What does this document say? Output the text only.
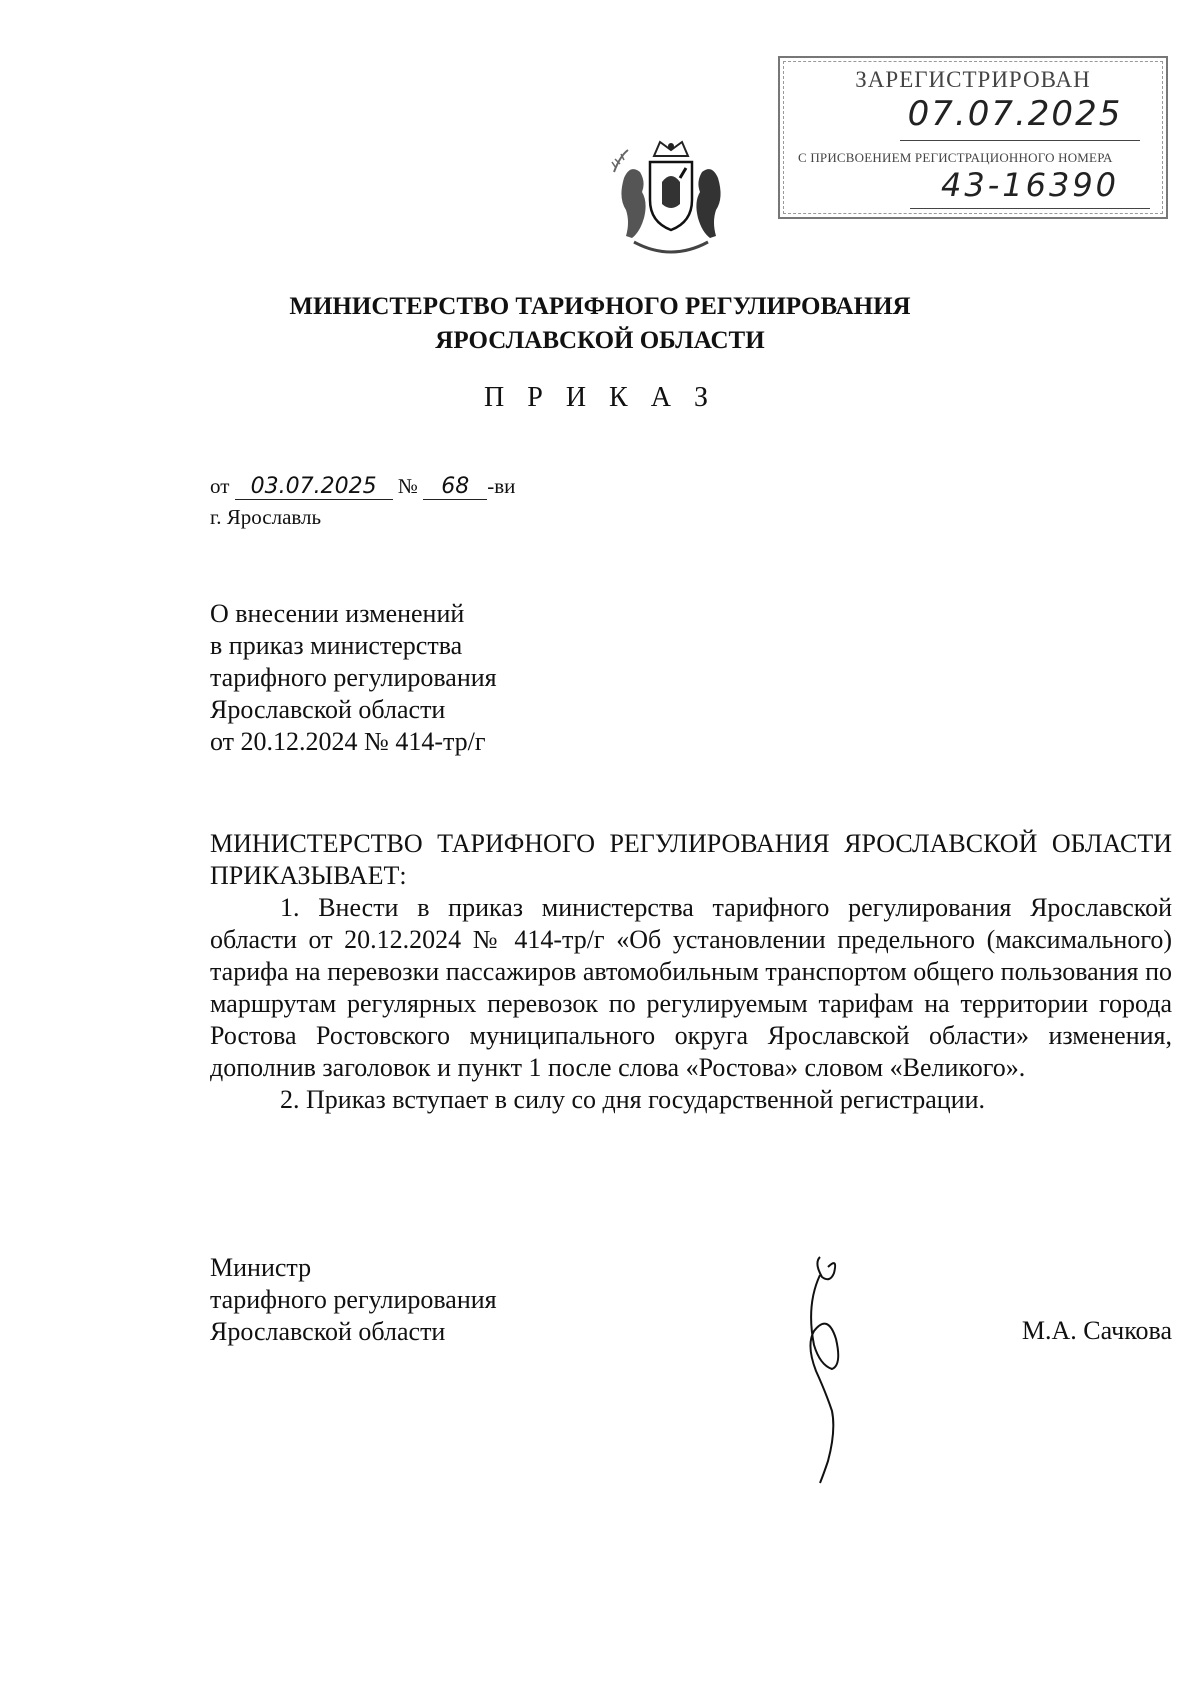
ЗАРЕГИСТРИРОВАН
07.07.2025
С ПРИСВОЕНИЕМ РЕГИСТРАЦИОННОГО НОМЕРА
43-16390
МИНИСТЕРСТВО ТАРИФНОГО РЕГУЛИРОВАНИЯ
ЯРОСЛАВСКОЙ ОБЛАСТИ
П Р И К А З
от 03.07.2025 № 68 -ви
г. Ярославль
О внесении изменений
в приказ министерства
тарифного регулирования
Ярославской области
от 20.12.2024 № 414-тр/г

МИНИСТЕРСТВО ТАРИФНОГО РЕГУЛИРОВАНИЯ ЯРОСЛАВСКОЙ ОБЛАСТИ ПРИКАЗЫВАЕТ:

1. Внести в приказ министерства тарифного регулирования Ярославской области от 20.12.2024 № 414-тр/г «Об установлении предельного (максимального) тарифа на перевозки пассажиров автомобильным транспортом общего пользования по маршрутам регулярных перевозок по регулируемым тарифам на территории города Ростова Ростовского муниципального округа Ярославской области» изменения, дополнив заголовок и пункт 1 после слова «Ростова» словом «Великого».

2. Приказ вступает в силу со дня государственной регистрации.

Министр
тарифного регулирования
Ярославской области	М.А. Сачкова
